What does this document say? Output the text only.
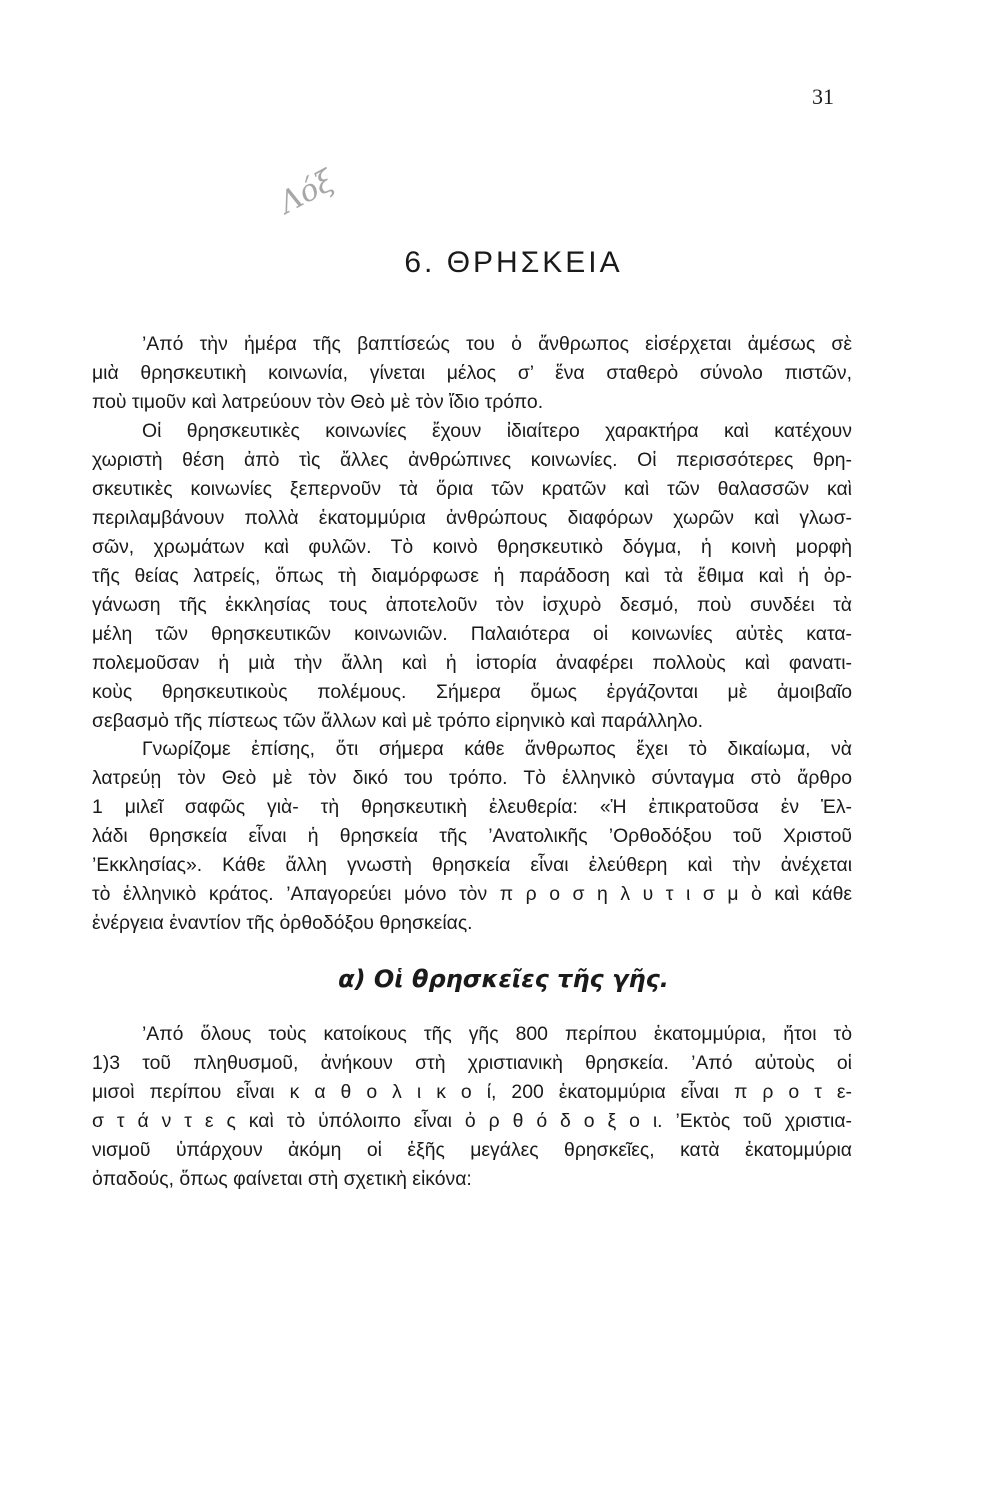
31
Λόξ
6. ΘΡΗΣΚΕΙΑ
’Από τὴν ἡμέρα τῆς βαπτίσεώς του ὁ ἄνθρωπος εἰσέρχεται ἀμέσως σὲ
μιὰ θρησκευτικὴ κοινωνία, γίνεται μέλος σ’ ἕνα σταθερὸ σύνολο πιστῶν,
ποὺ τιμοῦν καὶ λατρεύουν τὸν Θεὸ μὲ τὸν ἴδιο τρόπο.
Οἱ θρησκευτικὲς κοινωνίες ἔχουν ἰδιαίτερο χαρακτήρα καὶ κατέχουν
χωριστὴ θέση ἀπὸ τὶς ἄλλες ἀνθρώπινες κοινωνίες. Οἱ περισσότερες θρη-
σκευτικὲς κοινωνίες ξεπερνοῦν τὰ ὅρια τῶν κρατῶν καὶ τῶν θαλασσῶν καὶ
περιλαμβάνουν πολλὰ ἑκατομμύρια ἀνθρώπους διαφόρων χωρῶν καὶ γλωσ-
σῶν, χρωμάτων καὶ φυλῶν. Τὸ κοινὸ θρησκευτικὸ δόγμα, ἡ κοινὴ μορφὴ
τῆς θείας λατρείς, ὅπως τὴ διαμόρφωσε ἡ παράδοση καὶ τὰ ἔθιμα καὶ ἡ ὀρ-
γάνωση τῆς ἐκκλησίας τους ἀποτελοῦν τὸν ἰσχυρὸ δεσμό, ποὺ συνδέει τὰ
μέλη τῶν θρησκευτικῶν κοινωνιῶν. Παλαιότερα οἱ κοινωνίες αὐτὲς κατα-
πολεμοῦσαν ἡ μιὰ τὴν ἄλλη καὶ ἡ ἱστορία ἀναφέρει πολλοὺς καὶ φανατι-
κοὺς θρησκευτικοὺς πολέμους. Σήμερα ὅμως ἐργάζονται μὲ ἀμοιβαῖο
σεβασμὸ τῆς πίστεως τῶν ἄλλων καὶ μὲ τρόπο εἰρηνικὸ καὶ παράλληλο.
Γνωρίζομε ἐπίσης, ὅτι σήμερα κάθε ἄνθρωπος ἔχει τὸ δικαίωμα, νὰ
λατρεύῃ τὸν Θεὸ μὲ τὸν δικό του τρόπο. Τὸ ἑλληνικὸ σύνταγμα στὸ ἄρθρο
1 μιλεῖ σαφῶς γιὰ- τὴ θρησκευτικὴ ἐλευθερία: «Ἡ ἐπικρατοῦσα ἐν Ἑλ-
λάδι θρησκεία εἶναι ἡ θρησκεία τῆς ’Ανατολικῆς ’Ορθοδόξου τοῦ Χριστοῦ
’Εκκλησίας». Κάθε ἄλλη γνωστὴ θρησκεία εἶναι ἐλεύθερη καὶ τὴν ἀνέχεται
τὸ ἑλληνικὸ κράτος. ’Απαγορεύει μόνο τὸν π ρ ο σ η λ υ τ ι σ μ ὸ καὶ κάθε
ἐνέργεια ἐναντίον τῆς ὀρθοδόξου θρησκείας.
α) Οἱ θρησκεῖες τῆς γῆς.
’Από ὅλους τοὺς κατοίκους τῆς γῆς 800 περίπου ἑκατομμύρια, ἤτοι τὸ
1)3 τοῦ πληθυσμοῦ, ἀνήκουν στὴ χριστιανικὴ θρησκεία. ’Από αὐτοὺς οἱ
μισοὶ περίπου εἶναι κ α θ ο λ ι κ ο ί, 200 ἑκατομμύρια εἶναι π ρ ο τ ε-
σ τ ά ν τ ε ς καὶ τὸ ὑπόλοιπο εἶναι ὀ ρ θ ό δ ο ξ ο ι. ’Εκτὸς τοῦ χριστια-
νισμοῦ ὑπάρχουν ἀκόμη οἱ ἑξῆς μεγάλες θρησκεῖες, κατὰ ἑκατομμύρια
ὀπαδούς, ὅπως φαίνεται στὴ σχετικὴ εἰκόνα:
